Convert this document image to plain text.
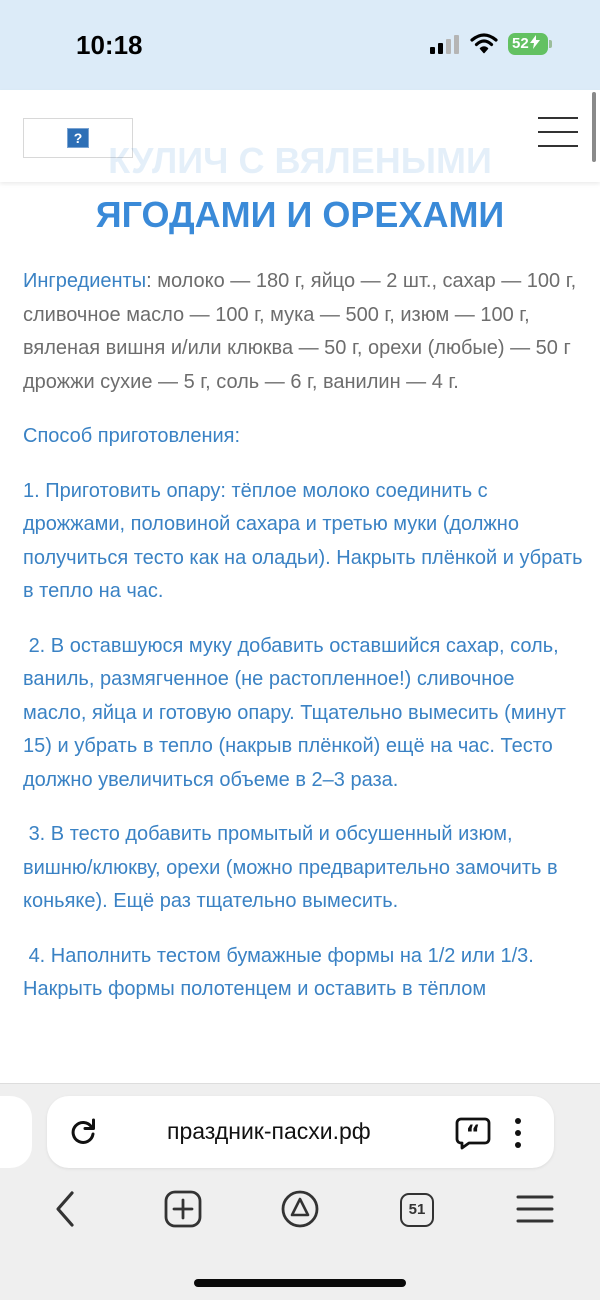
10:18	52
?
КУЛИЧ С ВЯЛЕНЫМИ
ЯГОДАМИ И ОРЕХАМИ

Ингредиенты: молоко — 180 г, яйцо — 2 шт., сахар — 100 г, сливочное масло — 100 г, мука — 500 г, изюм — 100 г, вяленая вишня и/или клюква — 50 г, орехи (любые) — 50 г дрожжи сухие — 5 г, соль — 6 г, ванилин — 4 г.

Способ приготовления:

1. Приготовить опару: тёплое молоко соединить с дрожжами, половиной сахара и третью муки (должно получиться тесто как на оладьи). Накрыть плёнкой и убрать в тепло на час.

2. В оставшуюся муку добавить оставшийся сахар, соль, ваниль, размягченное (не растопленное!) сливочное масло, яйца и готовую опару. Тщательно вымесить (минут 15) и убрать в тепло (накрыв плёнкой) ещё на час. Тесто должно увеличиться объеме в 2–3 раза.

3. В тесто добавить промытый и обсушенный изюм, вишню/клюкву, орехи (можно предварительно замочить в коньяке). Ещё раз тщательно вымесить.

4. Наполнить тестом бумажные формы на 1/2 или 1/3. Накрыть формы полотенцем и оставить в тёплом

праздник-пасхи.рф	“
51
